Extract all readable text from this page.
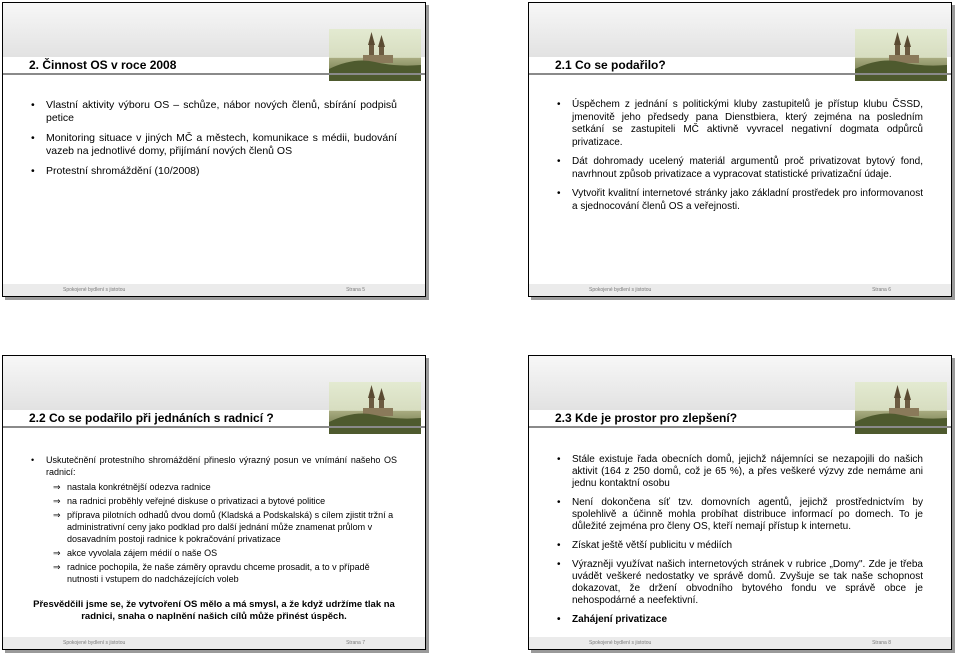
2. Činnost OS v roce 2008
• Vlastní aktivity výboru OS – schůze, nábor nových členů, sbírání podpisů petice
• Monitoring situace v jiných MČ a městech, komunikace s médii, budování vazeb na jednotlivé domy, přijímání nových členů OS
• Protestní shromáždění (10/2008)
Spokojené bydlení s jistotou	Strana 5
2.1 Co se podařilo?
• Úspěchem z jednání s politickými kluby zastupitelů je přístup klubu ČSSD, jmenovitě jeho předsedy pana Dienstbiera, který zejména na posledním setkání se zastupiteli MČ aktivně vyvracel negativní dogmata odpůrců privatizace.
• Dát dohromady ucelený materiál argumentů proč privatizovat bytový fond, navrhnout způsob privatizace a vypracovat statistické privatizační údaje.
• Vytvořit kvalitní internetové stránky jako základní prostředek pro informovanost a sjednocování členů OS a veřejnosti.
Spokojené bydlení s jistotou	Strana 6
2.2 Co se podařilo při jednáních s radnicí ?
• Uskutečnění protestního shromáždění přineslo výrazný posun ve vnímání našeho OS radnicí:
⇒ nastala konkrétnější odezva radnice
⇒ na radnici proběhly veřejné diskuse o privatizaci a bytové politice
⇒ příprava pilotních odhadů dvou domů (Kladská a Podskalská) s cílem zjistit tržní a administrativní ceny jako podklad pro další jednání může znamenat průlom v dosavadním postoji radnice k pokračování privatizace
⇒ akce vyvolala zájem médií o naše OS
⇒ radnice pochopila, že naše záměry opravdu chceme prosadit, a to v případě nutnosti i vstupem do nadcházejících voleb
Přesvědčili jsme se, že vytvoření OS mělo a má smysl, a že když udržíme tlak na radnici, snaha o naplnění našich cílů může přinést úspěch.
Spokojené bydlení s jistotou	Strana 7
2.3 Kde je prostor pro zlepšení?
• Stále existuje řada obecních domů, jejichž nájemníci se nezapojili do našich aktivit (164 z 250 domů, což je 65 %), a přes veškeré výzvy zde nemáme ani jednu kontaktní osobu
• Není dokončena síť tzv. domovních agentů, jejichž prostřednictvím by spolehlivě a účinně mohla probíhat distribuce informací po domech. To je důležité zejména pro členy OS, kteří nemají přístup k internetu.
• Získat ještě větší publicitu v médiích
• Výrazněji využívat našich internetových stránek v rubrice „Domy". Zde je třeba uvádět veškeré nedostatky ve správě domů. Zvyšuje se tak naše schopnost dokazovat, že držení obvodního bytového fondu ve správě obce je nehospodárné a neefektivní.
• Zahájení privatizace
Spokojené bydlení s jistotou	Strana 8
